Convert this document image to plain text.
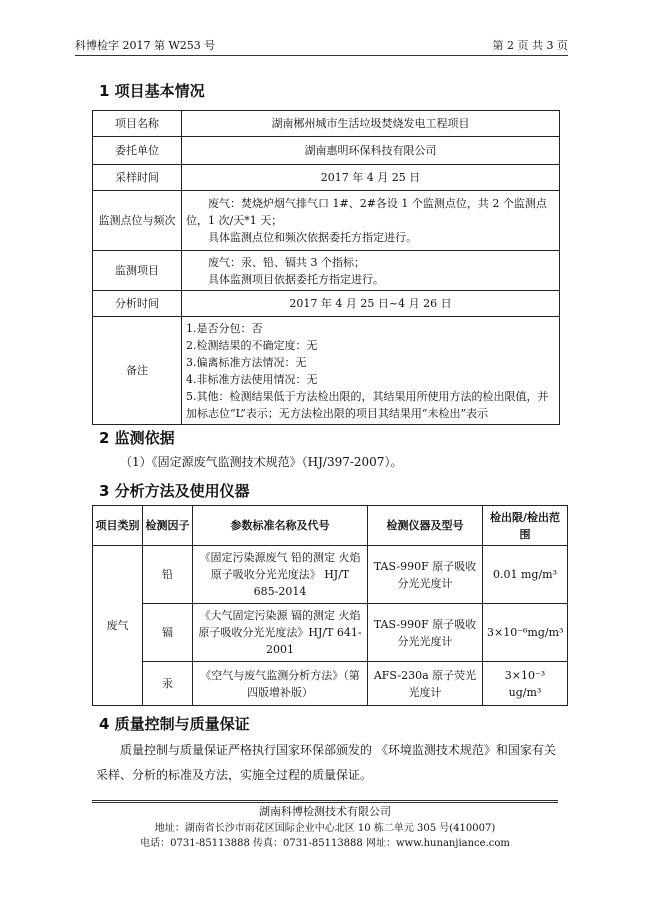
科博检字 2017 第 W253 号	第 2 页 共 3 页
1 项目基本情况
项目名称	湖南郴州城市生活垃圾焚烧发电工程项目
委托单位	湖南惠明环保科技有限公司
采样时间	2017 年 4 月 25 日
监测点位与频次	废气：焚烧炉烟气排气口 1#、2#各设 1 个监测点位，共 2 个监测点位，1 次/天*1 天；
具体监测点位和频次依据委托方指定进行。

监测项目	废气：汞、铅、镉共 3 个指标；
具体监测项目依据委托方指定进行。

分析时间	2017 年 4 月 25 日~4 月 26 日
备注	1.是否分包：否
2.检测结果的不确定度：无
3.偏离标准方法情况：无
4.非标准方法使用情况：无
5.其他：检测结果低于方法检出限的，其结果用所使用方法的检出限值，并加标志位“L”表示；无方法检出限的项目其结果用“未检出”表示
2 监测依据
（1）《固定源废气监测技术规范》（HJ/397-2007）。
3 分析方法及使用仪器
项目类别	检测因子	参数标准名称及代号	检测仪器及型号	检出限/检出范围
废气	铅	《固定污染源废气 铅的测定 火焰原子吸收分光光度法》 HJ/T 685-2014	TAS-990F 原子吸收分光光度计	0.01 mg/m³
	镉	《大气固定污染源 镉的测定 火焰原子吸收分光光度法》HJ/T 641-2001	TAS-990F 原子吸收分光光度计	3×10⁻⁶mg/m³
	汞	《空气与废气监测分析方法》（第四版增补版）	AFS-230a 原子荧光光度计	3×10⁻³ ug/m³
4 质量控制与质量保证
质量控制与质量保证严格执行国家环保部颁发的 《环境监测技术规范》和国家有关采样、分析的标准及方法，实施全过程的质量保证。
湖南科博检测技术有限公司
地址：湖南省长沙市雨花区国际企业中心北区 10 栋二单元 305 号(410007)
电话：0731-85113888 传真：0731-85113888 网址：www.hunanjiance.com
